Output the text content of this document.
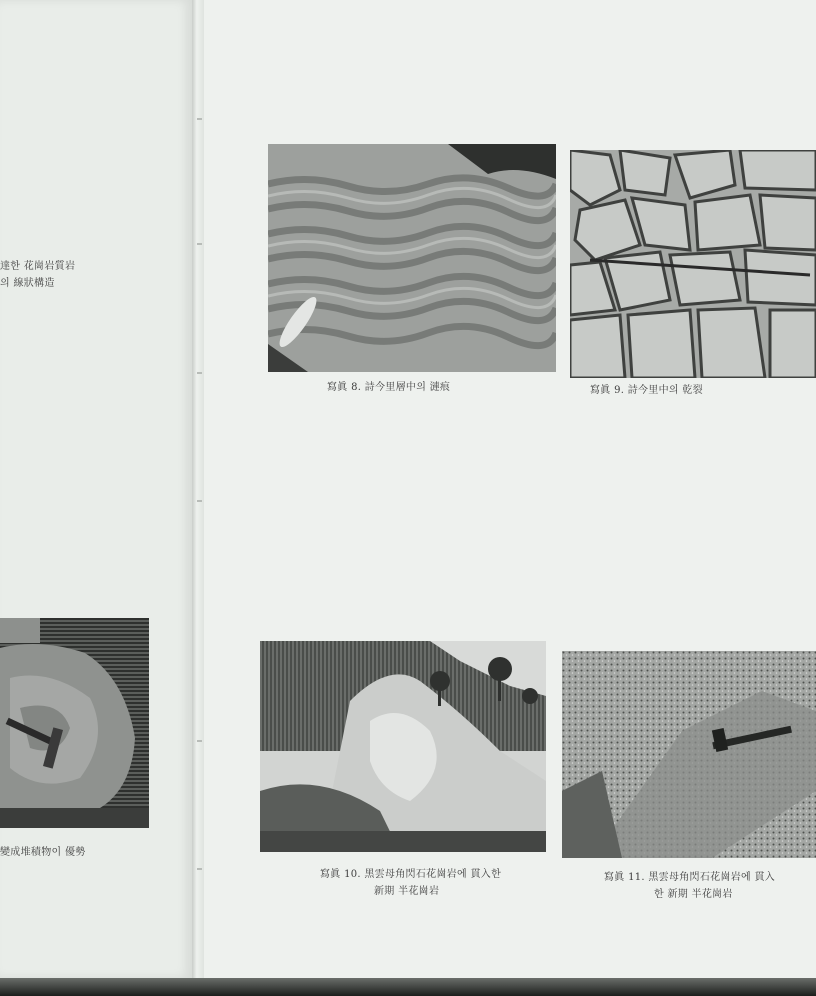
達한 花崗岩質岩
의 線狀構造
變成堆積物이 優勢
寫眞 8. 詩今里層中의 漣痕	寫眞 9. 詩今里中의 乾裂
寫眞 10. 黑雲母角閃石花崗岩에 貫入한
新期 半花崗岩
寫眞 11. 黑雲母角閃石花崗岩에 貫入
한 新期 半花崗岩
